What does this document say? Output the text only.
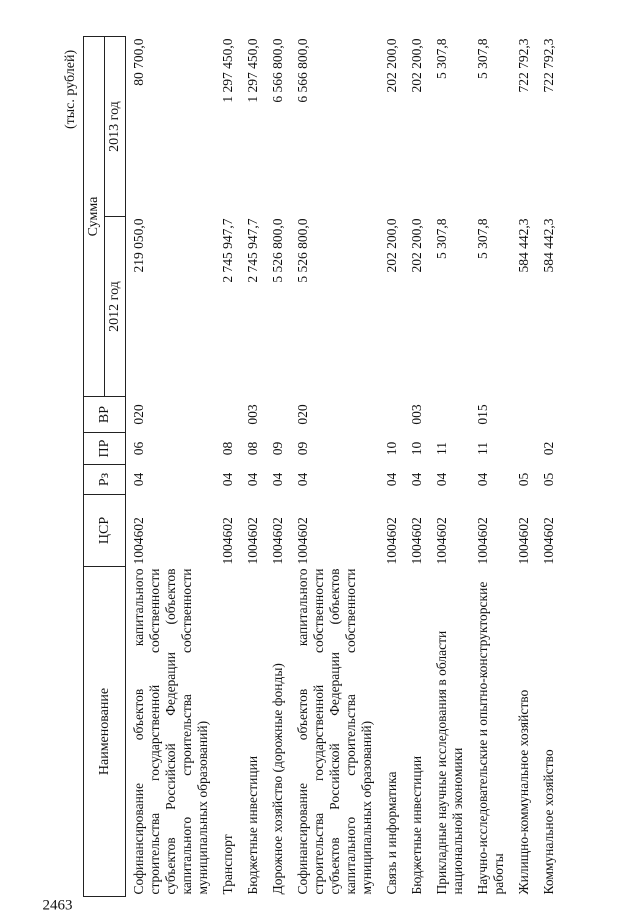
2463
(тыс. рублей)
Наименование	ЦСР	Рз	ПР	ВР	Сумма	
					2012 год	2013 год
Софинансирование объектов капитального строительства государственной собственности субъектов Российской Федерации (объектов капитального строительства собственности муниципальных образований)	1004602	04	06	020	219 050,0	80 700,0
Транспорт	1004602	04	08		2 745 947,7	1 297 450,0
Бюджетные инвестиции	1004602	04	08	003	2 745 947,7	1 297 450,0
Дорожное хозяйство (дорожные фонды)	1004602	04	09		5 526 800,0	6 566 800,0
Софинансирование объектов капитального строительства государственной собственности субъектов Российской Федерации (объектов капитального строительства собственности муниципальных образований)	1004602	04	09	020	5 526 800,0	6 566 800,0
Связь и информатика	1004602	04	10		202 200,0	202 200,0
Бюджетные инвестиции	1004602	04	10	003	202 200,0	202 200,0
Прикладные научные исследования в области национальной экономики	1004602	04	11		5 307,8	5 307,8
Научно-исследовательские и опытно-конструкторские работы	1004602	04	11	015	5 307,8	5 307,8
Жилищно-коммунальное хозяйство	1004602	05			584 442,3	722 792,3
Коммунальное хозяйство	1004602	05	02		584 442,3	722 792,3
